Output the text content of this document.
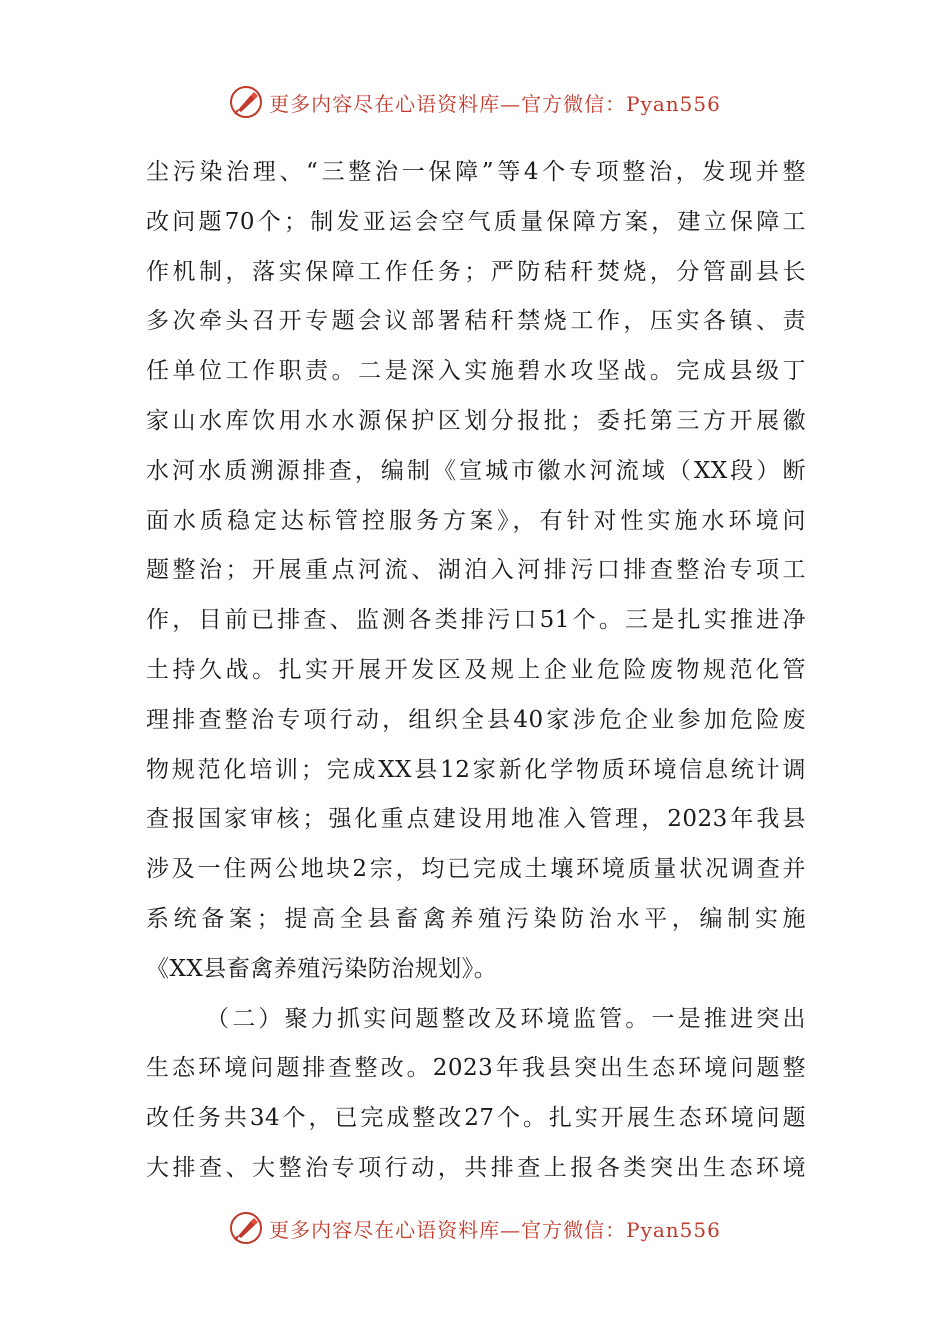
更多内容尽在心语资料库—官方微信：Pyan556
尘污染治理、“三整治一保障”等4个专项整治，发现并整
改问题70个；制发亚运会空气质量保障方案，建立保障工
作机制，落实保障工作任务；严防秸秆焚烧，分管副县长
多次牵头召开专题会议部署秸秆禁烧工作，压实各镇、责
任单位工作职责。二是深入实施碧水攻坚战。完成县级丁
家山水库饮用水水源保护区划分报批；委托第三方开展徽
水河水质溯源排查，编制《宣城市徽水河流域（XX段）断
面水质稳定达标管控服务方案》，有针对性实施水环境问
题整治；开展重点河流、湖泊入河排污口排查整治专项工
作，目前已排查、监测各类排污口51个。三是扎实推进净
土持久战。扎实开展开发区及规上企业危险废物规范化管
理排查整治专项行动，组织全县40家涉危企业参加危险废
物规范化培训；完成XX县12家新化学物质环境信息统计调
查报国家审核；强化重点建设用地准入管理，2023年我县
涉及一住两公地块2宗，均已完成土壤环境质量状况调查并
系统备案；提高全县畜禽养殖污染防治水平，编制实施
《XX县畜禽养殖污染防治规划》。
（二）聚力抓实问题整改及环境监管。一是推进突出
生态环境问题排查整改。2023年我县突出生态环境问题整
改任务共34个，已完成整改27个。扎实开展生态环境问题
大排查、大整治专项行动，共排查上报各类突出生态环境
更多内容尽在心语资料库—官方微信：Pyan556
